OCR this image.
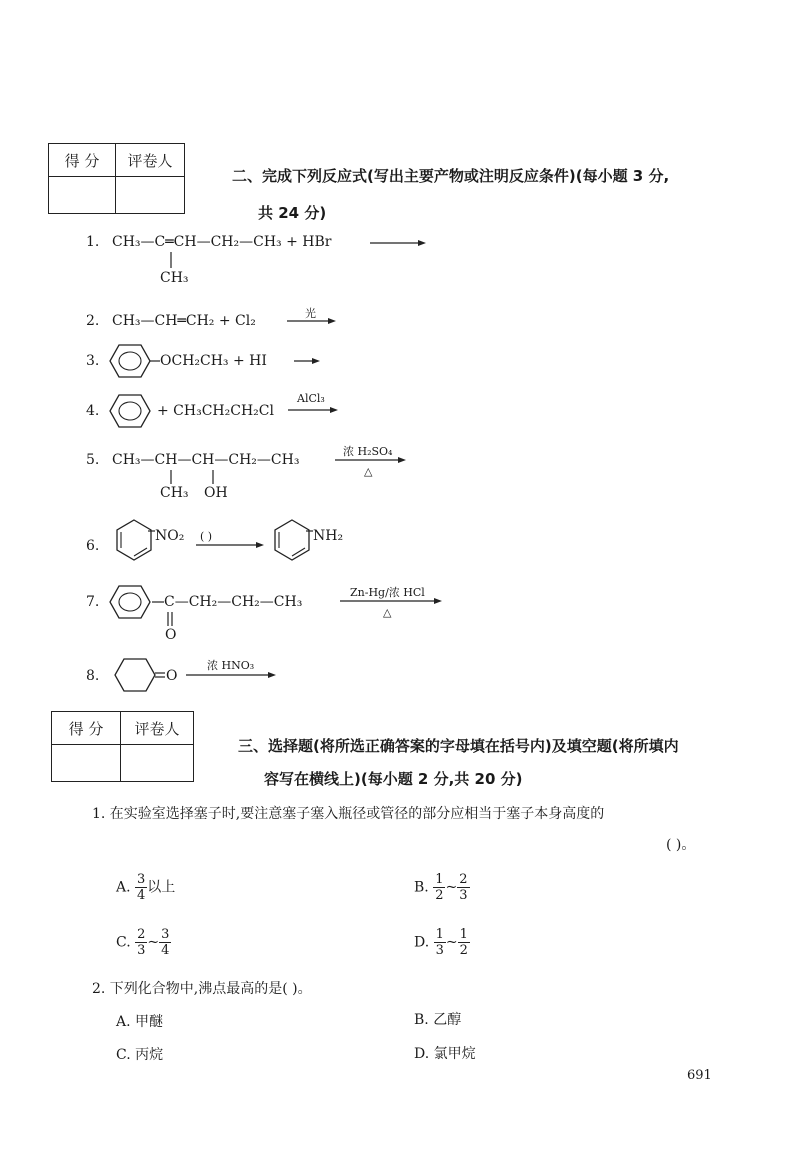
得 分	评卷人

二、完成下列反应式(写出主要产物或注明反应条件)(每小题 3 分,
共 24 分)
1. CH₃—C═CH—CH₂—CH₃ + HBr
CH₃
2. CH₃—CH═CH₂ + Cl₂	光
3.	OCH₂CH₃ + HI
4.	+ CH₃CH₂CH₂Cl
AlCl₃
5. CH₃—CH—CH—CH₂—CH₃
CH₃ OH
浓 H₂SO₄
△
6.
NO₂ ( )	NH₂
7.	C—CH₂—CH₂—CH₃
O
Zn-Hg/浓 HCl
△
8.	O
浓 HNO₃
得 分	评卷人

三、选择题(将所选正确答案的字母填在括号内)及填空题(将所填内
容写在横线上)(每小题 2 分,共 20 分)
1. 在实验室选择塞子时,要注意塞子塞入瓶径或管径的部分应相当于塞子本身高度的
( )。
A. $\frac{3}{4}$ 以上	B. $\frac{1}{2}$ ~ $\frac{2}{3}$
C. $\frac{2}{3}$ ~ $\frac{3}{4}$	D. $\frac{1}{3}$ ~ $\frac{1}{2}$
2. 下列化合物中,沸点最高的是( )。
A. 甲醚	B. 乙醇
C. 丙烷	D. 氯甲烷
691
